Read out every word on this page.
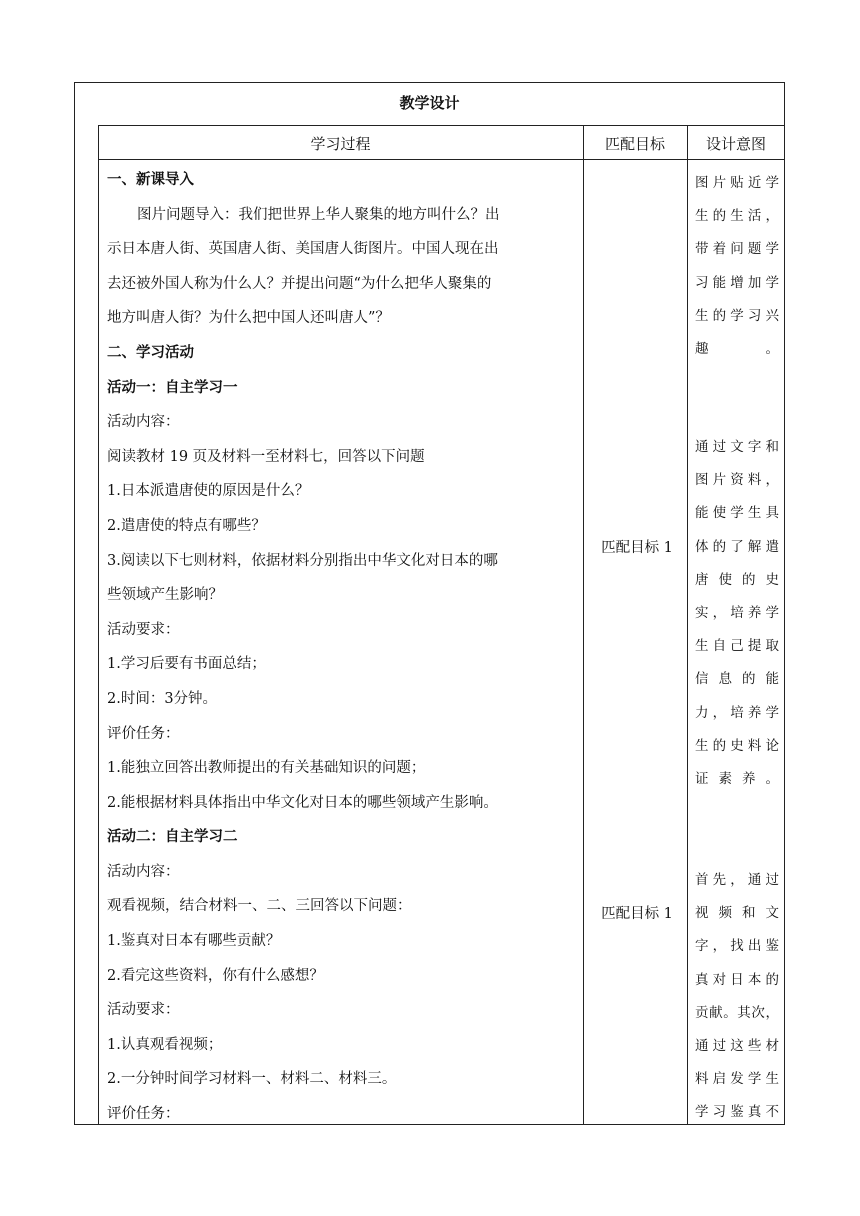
教学设计
学习过程	匹配目标	设计意图
一、新课导入
图片问题导入：我们把世界上华人聚集的地方叫什么？出
示日本唐人街、英国唐人街、美国唐人街图片。中国人现在出
去还被外国人称为什么人？并提出问题“为什么把华人聚集的
地方叫唐人街？为什么把中国人还叫唐人”？
二、学习活动
活动一：自主学习一
活动内容：
阅读教材 19 页及材料一至材料七，回答以下问题
1.日本派遣唐使的原因是什么？
2.遣唐使的特点有哪些？
3.阅读以下七则材料，依据材料分别指出中华文化对日本的哪
些领域产生影响？
活动要求：
1.学习后要有书面总结；
2.时间：3分钟。
评价任务：
1.能独立回答出教师提出的有关基础知识的问题；
2.能根据材料具体指出中华文化对日本的哪些领域产生影响。
活动二：自主学习二
活动内容：
观看视频，结合材料一、二、三回答以下问题：
1.鉴真对日本有哪些贡献？
2.看完这些资料，你有什么感想？
活动要求：
1.认真观看视频；
2.一分钟时间学习材料一、材料二、材料三。
评价任务：
匹配目标 1
匹配目标 1
图片贴近学
生的生活，
带着问题学
习能增加学
生的学习兴
趣。
通过文字和
图片资料，
能使学生具
体的了解遣
唐使的史
实，培养学
生自己提取
信息的能
力，培养学
生的史料论
证素养。
首先，通过
视频和文
字，找出鉴
真对日本的
贡献。其次，
通过这些材
料启发学生
学习鉴真不
